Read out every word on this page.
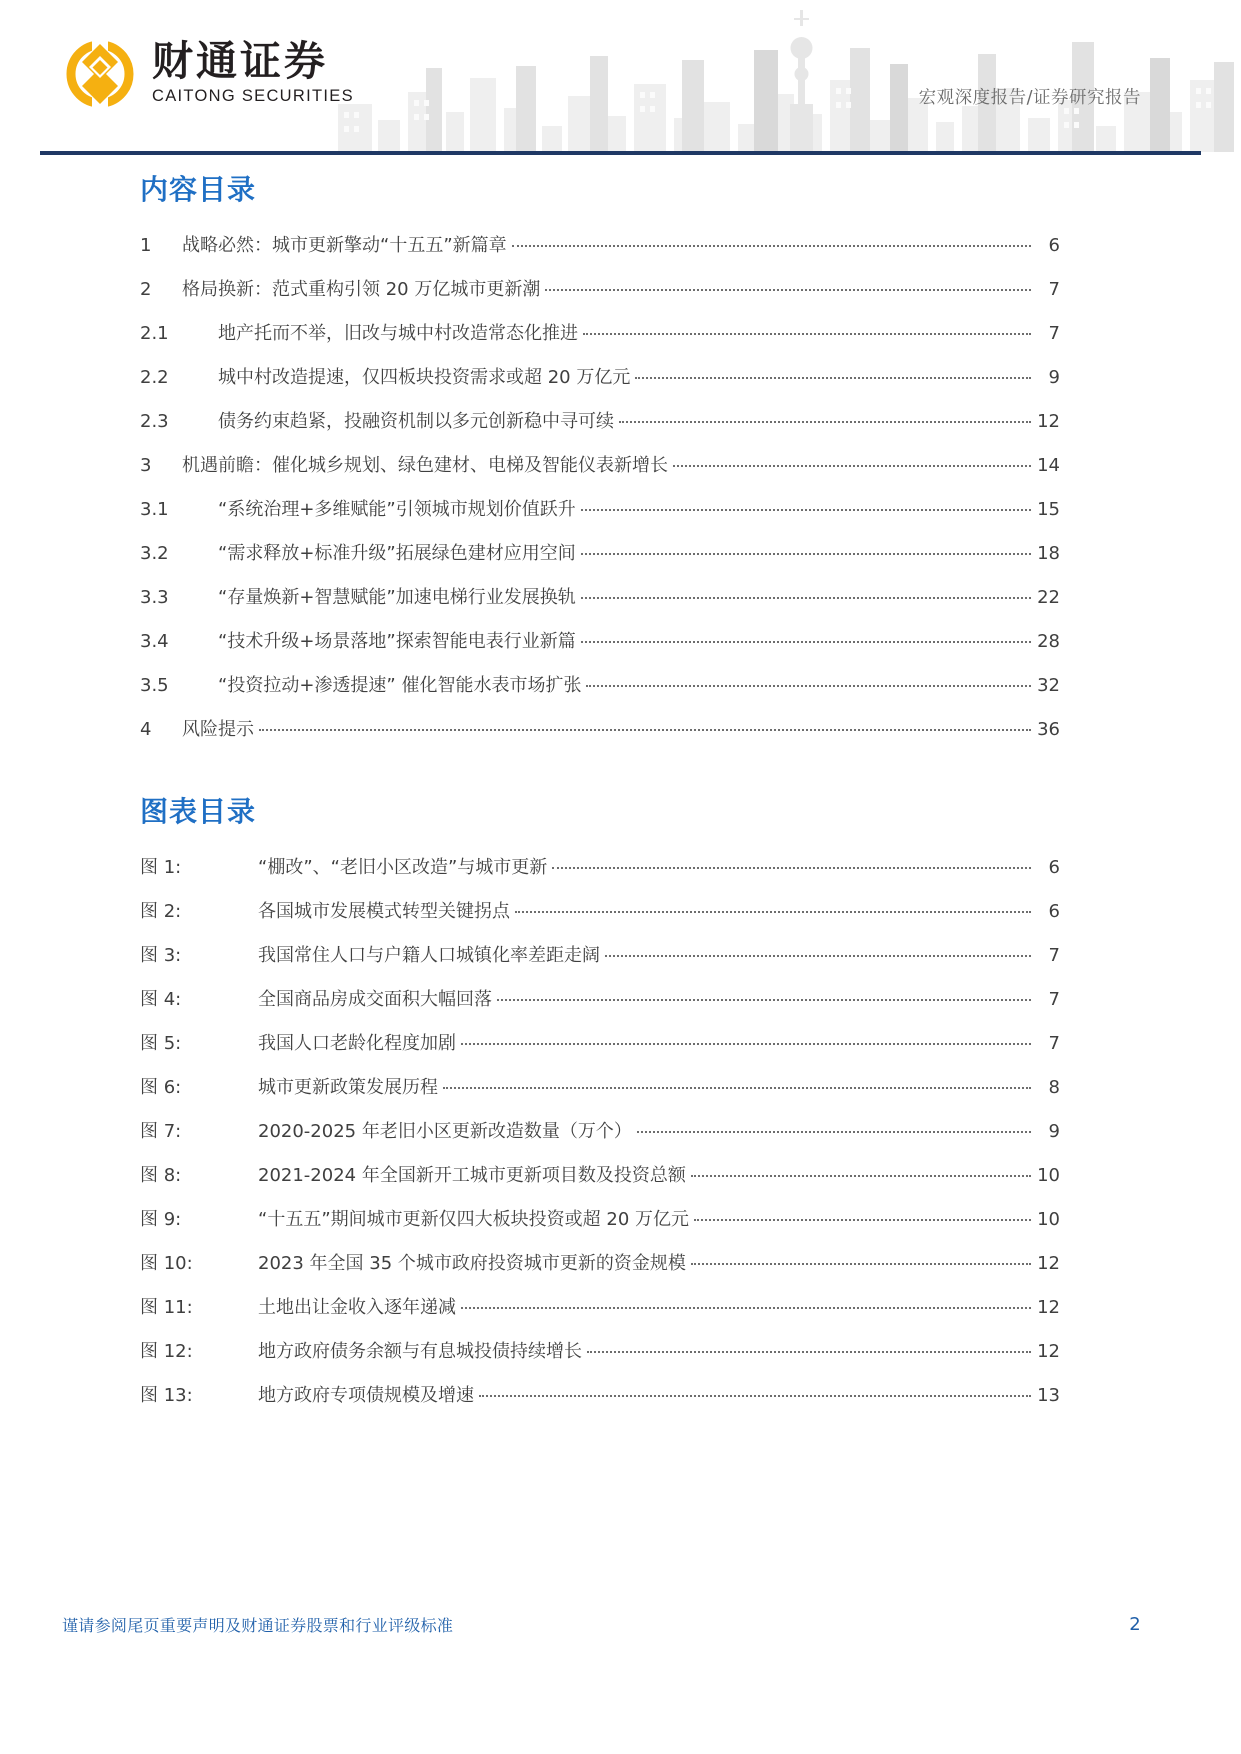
财通证券
CAITONG SECURITIES	宏观深度报告/证券研究报告
内容目录
1	战略必然：城市更新擎动“十五五”新篇章	6
2	格局换新：范式重构引领 20 万亿城市更新潮	7
2.1	地产托而不举，旧改与城中村改造常态化推进	7
2.2	城中村改造提速，仅四板块投资需求或超 20 万亿元	9
2.3	债务约束趋紧，投融资机制以多元创新稳中寻可续	12
3	机遇前瞻：催化城乡规划、绿色建材、电梯及智能仪表新增长	14
3.1	“系统治理+多维赋能”引领城市规划价值跃升	15
3.2	“需求释放+标准升级”拓展绿色建材应用空间	18
3.3	“存量焕新+智慧赋能”加速电梯行业发展换轨	22
3.4	“技术升级+场景落地”探索智能电表行业新篇	28
3.5	“投资拉动+渗透提速” 催化智能水表市场扩张	32
4	风险提示	36
图表目录
图 1:	“棚改”、“老旧小区改造”与城市更新	6
图 2:	各国城市发展模式转型关键拐点	6
图 3:	我国常住人口与户籍人口城镇化率差距走阔	7
图 4:	全国商品房成交面积大幅回落	7
图 5:	我国人口老龄化程度加剧	7
图 6:	城市更新政策发展历程	8
图 7:	2020-2025 年老旧小区更新改造数量（万个）	9
图 8:	2021-2024 年全国新开工城市更新项目数及投资总额	10
图 9:	“十五五”期间城市更新仅四大板块投资或超 20 万亿元	10
图 10:	2023 年全国 35 个城市政府投资城市更新的资金规模	12
图 11:	土地出让金收入逐年递减	12
图 12:	地方政府债务余额与有息城投债持续增长	12
图 13:	地方政府专项债规模及增速	13
谨请参阅尾页重要声明及财通证券股票和行业评级标准	2
